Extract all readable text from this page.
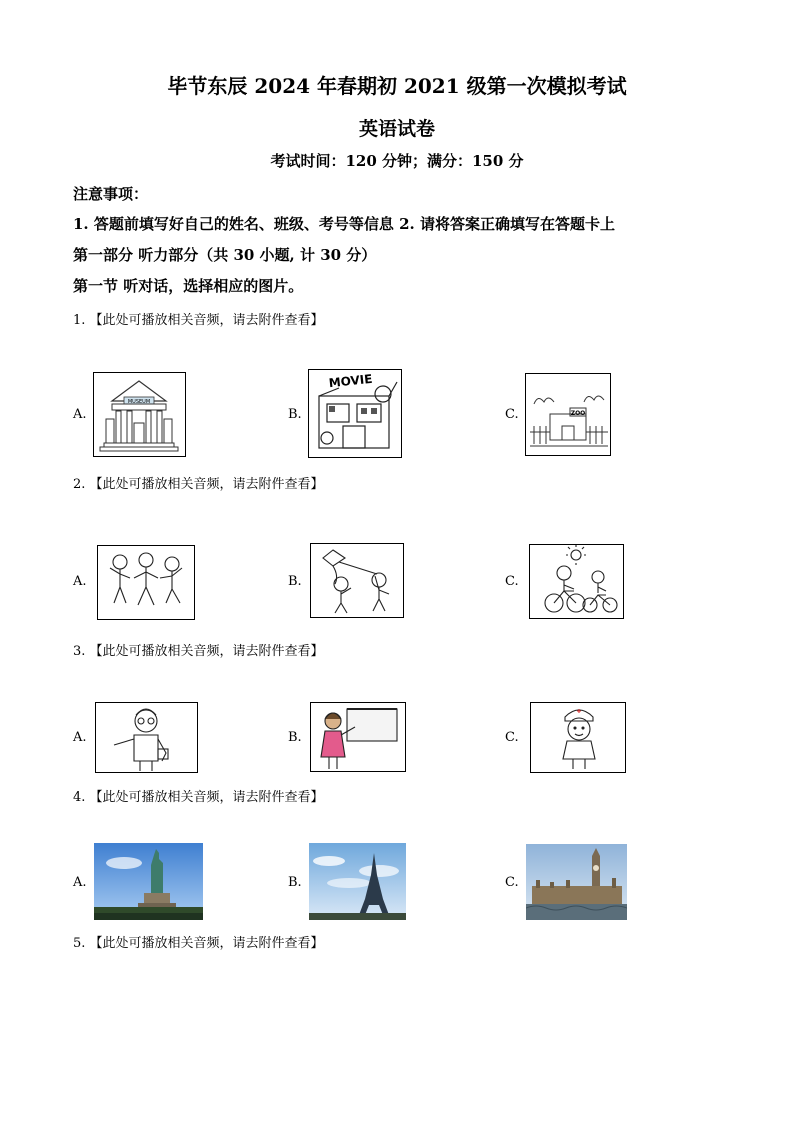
毕节东辰 2024 年春期初 2021 级第一次模拟考试
英语试卷
考试时间：120 分钟；满分：150 分
注意事项：
1. 答题前填写好自己的姓名、班级、考号等信息 2. 请将答案正确填写在答题卡上
第一部分 听力部分（共 30 小题, 计 30 分）
第一节 听对话，选择相应的图片。
1. 【此处可播放相关音频，请去附件查看】
A.
MUSEUM
B.
MOVIE
C.	ZOO
2. 【此处可播放相关音频，请去附件查看】
A.	B.	C.
3. 【此处可播放相关音频，请去附件查看】
A.	B.	C.
4. 【此处可播放相关音频，请去附件查看】
A.	B.	C.
5. 【此处可播放相关音频，请去附件查看】
